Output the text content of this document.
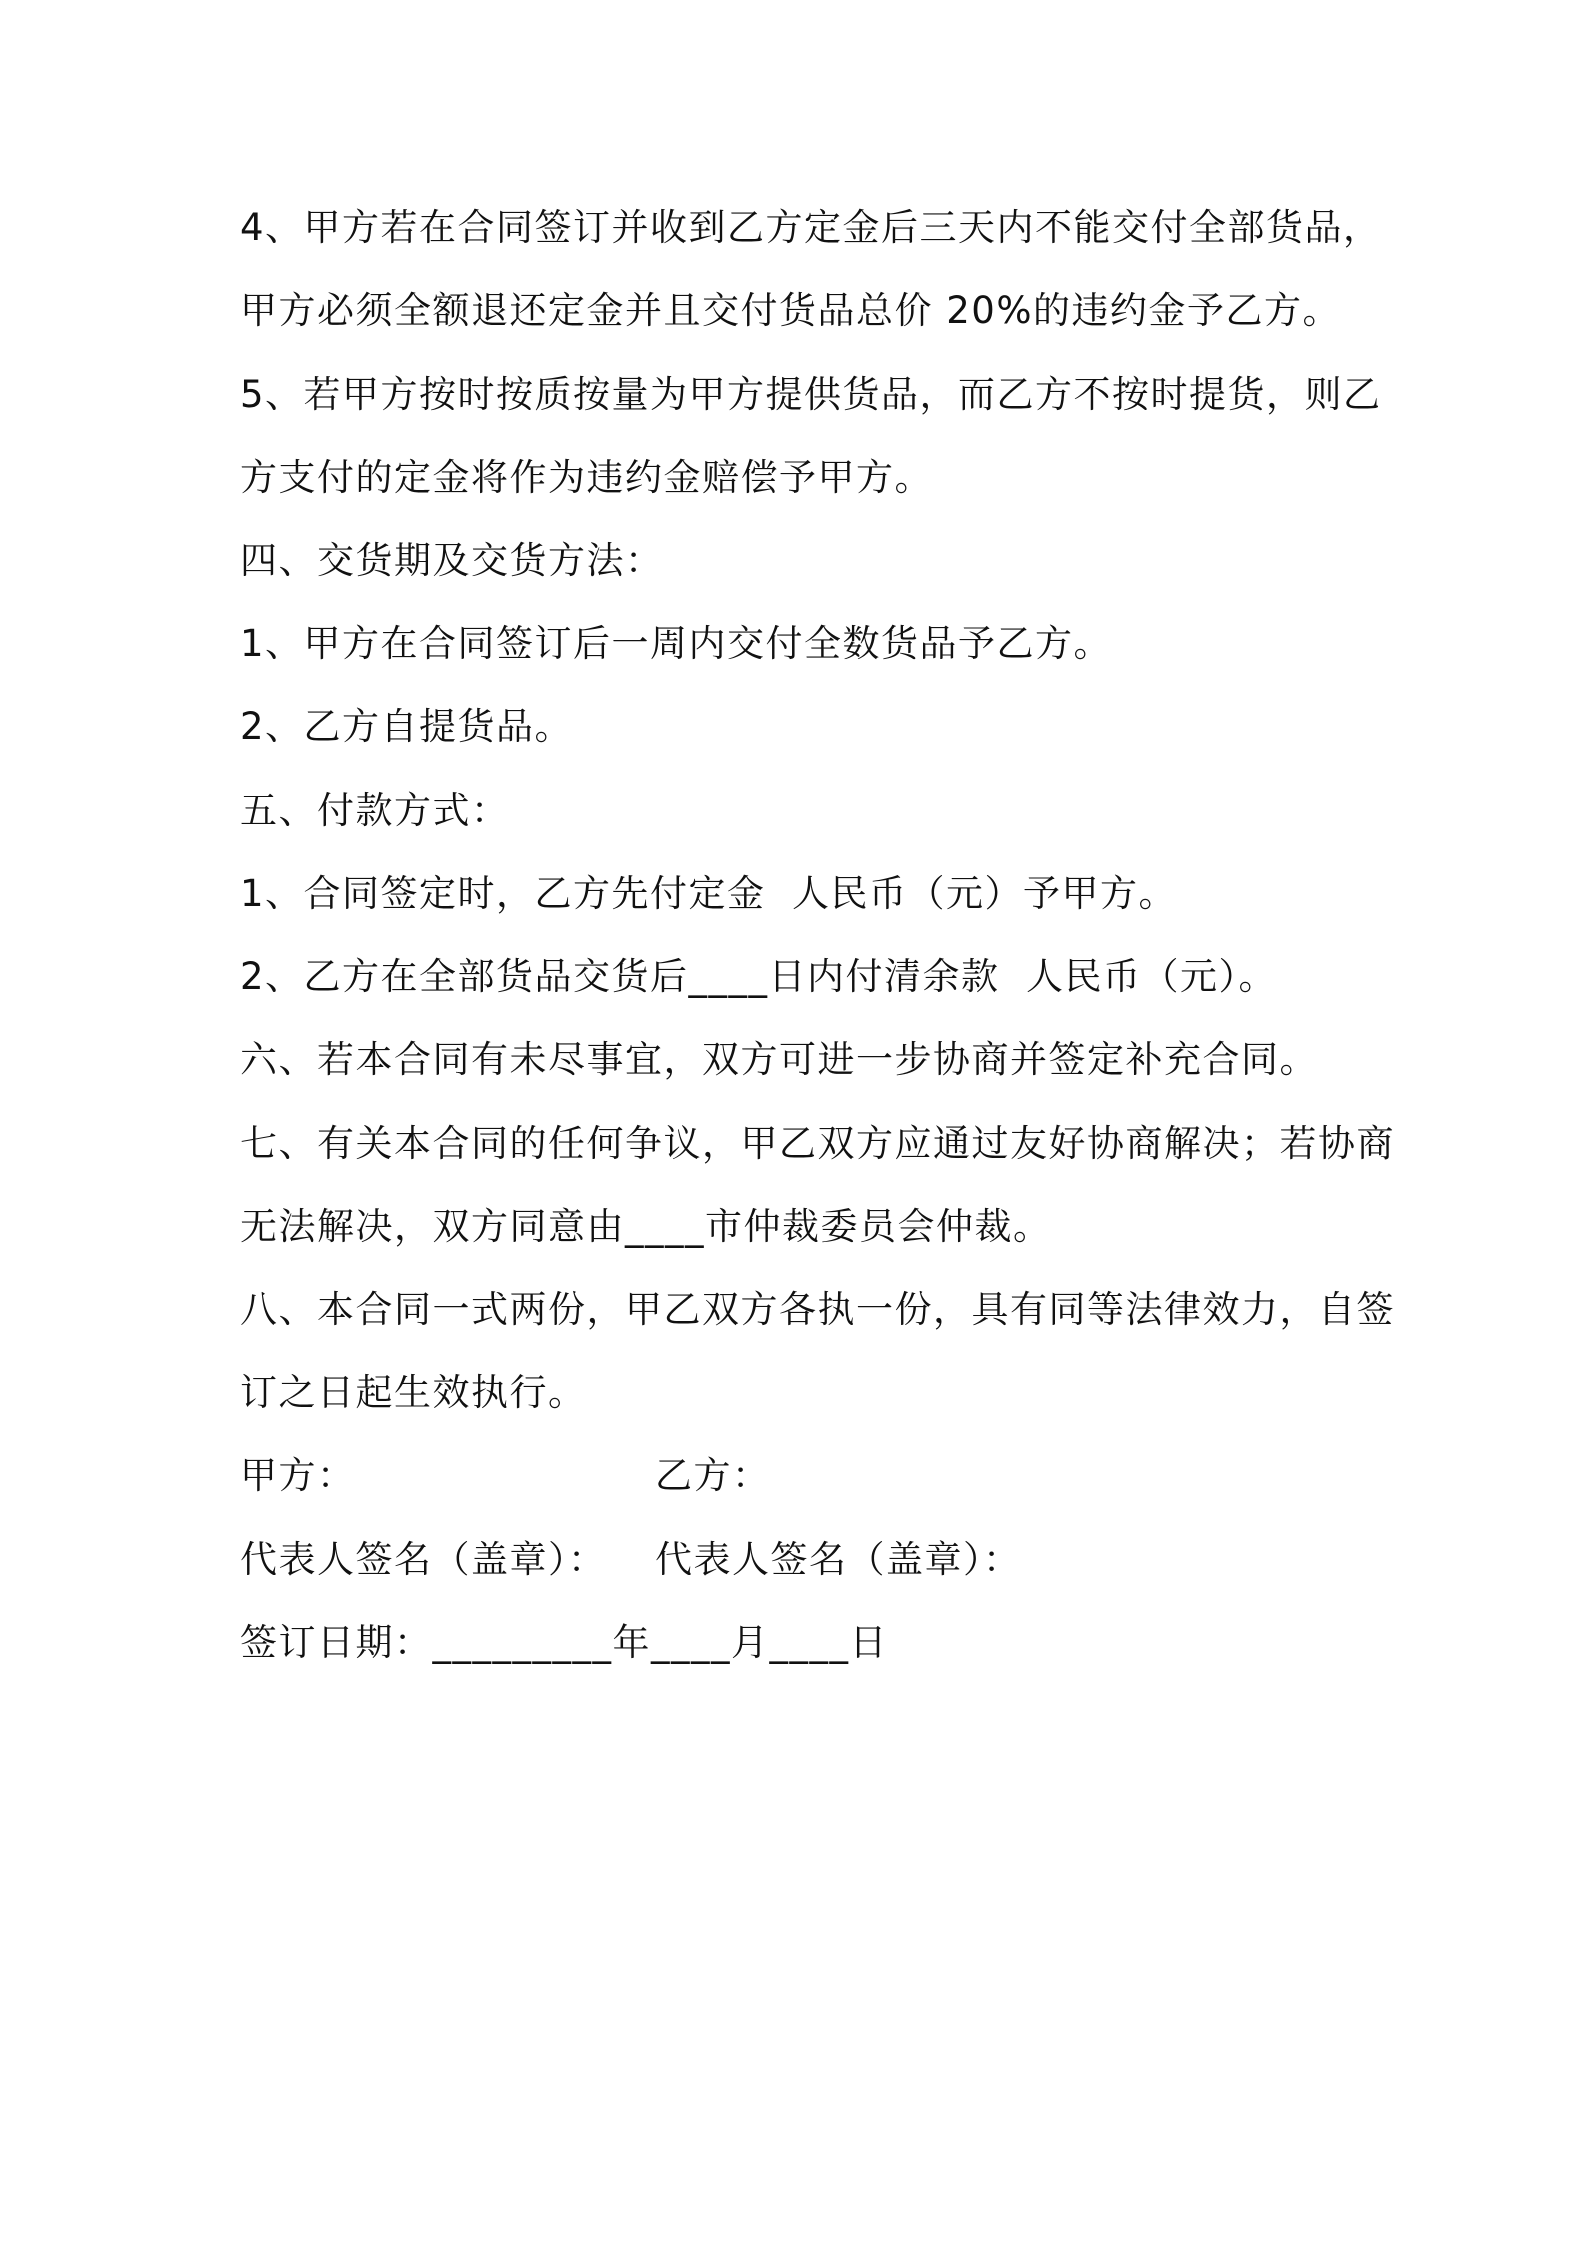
4、甲方若在合同签订并收到乙方定金后三天内不能交付全部货品，
甲方必须全额退还定金并且交付货品总价 20%的违约金予乙方。
5、若甲方按时按质按量为甲方提供货品，而乙方不按时提货，则乙
方支付的定金将作为违约金赔偿予甲方。
四、交货期及交货方法：
1、甲方在合同签订后一周内交付全数货品予乙方。
2、乙方自提货品。
五、付款方式：
1、合同签定时，乙方先付定金  人民币（元）予甲方。
2、乙方在全部货品交货后____日内付清余款  人民币（元）。
六、若本合同有未尽事宜，双方可进一步协商并签定补充合同。
七、有关本合同的任何争议，甲乙双方应通过友好协商解决；若协商
无法解决，双方同意由____市仲裁委员会仲裁。
八、本合同一式两份，甲乙双方各执一份，具有同等法律效力，自签
订之日起生效执行。
甲方：	乙方：
代表人签名（盖章）： 代表人签名（盖章）：
签订日期：_________年____月____日
